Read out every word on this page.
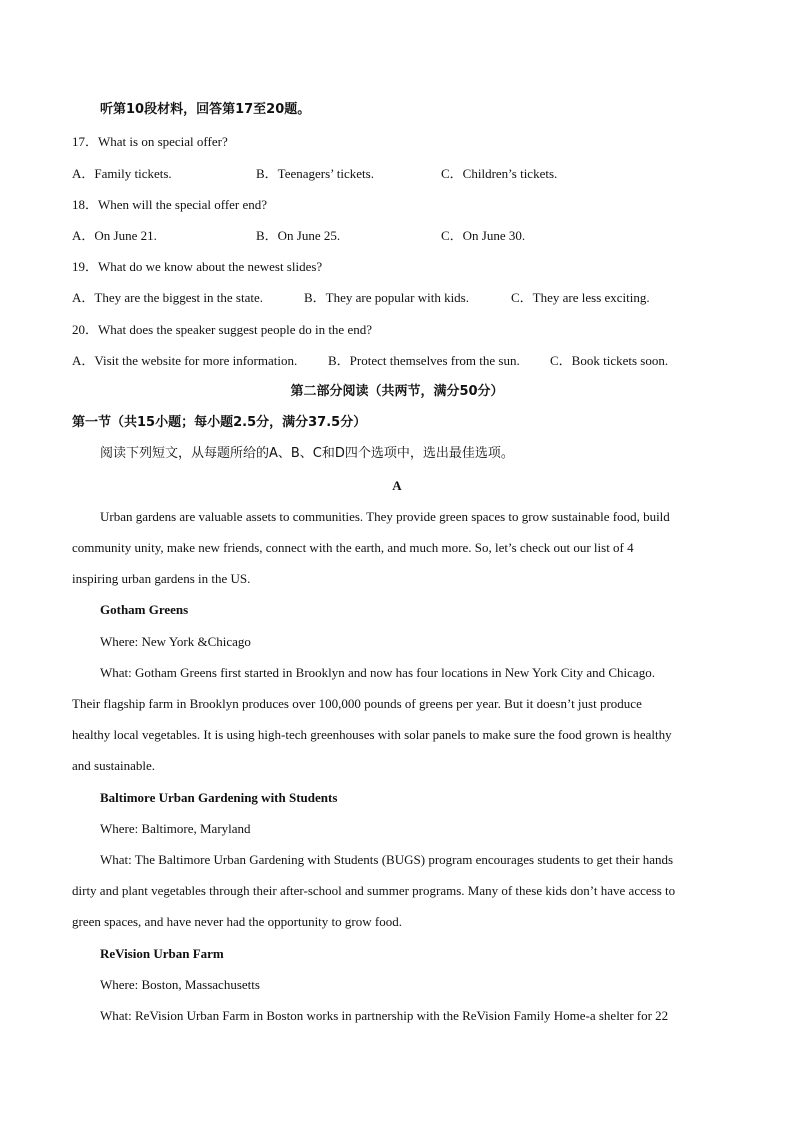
听第10段材料，回答第17至20题。
17．What is on special offer?
A．Family tickets.	B．Teenagers’ tickets.	C．Children’s tickets.
18．When will the special offer end?
A．On June 21.	B．On June 25.	C．On June 30.
19．What do we know about the newest slides?
A．They are the biggest in the state.	B．They are popular with kids.	C．They are less exciting.
20．What does the speaker suggest people do in the end?
A．Visit the website for more information. B．Protect themselves from the sun. C．Book tickets soon.
第二部分阅读（共两节，满分50分）
第一节（共15小题；每小题2.5分，满分37.5分）
阅读下列短文，从每题所给的A、B、C和D四个选项中，选出最佳选项。
A
Urban gardens are valuable assets to communities. They provide green spaces to grow sustainable food, build
community unity, make new friends, connect with the earth, and much more. So, let’s check out our list of 4
inspiring urban gardens in the US.
Gotham Greens
Where: New York &Chicago
What: Gotham Greens first started in Brooklyn and now has four locations in New York City and Chicago.
Their flagship farm in Brooklyn produces over 100,000 pounds of greens per year. But it doesn’t just produce
healthy local vegetables. It is using high-tech greenhouses with solar panels to make sure the food grown is healthy
and sustainable.
Baltimore Urban Gardening with Students
Where: Baltimore, Maryland
What: The Baltimore Urban Gardening with Students (BUGS) program encourages students to get their hands
dirty and plant vegetables through their after-school and summer programs. Many of these kids don’t have access to
green spaces, and have never had the opportunity to grow food.
ReVision Urban Farm
Where: Boston, Massachusetts
What: ReVision Urban Farm in Boston works in partnership with the ReVision Family Home-a shelter for 22
